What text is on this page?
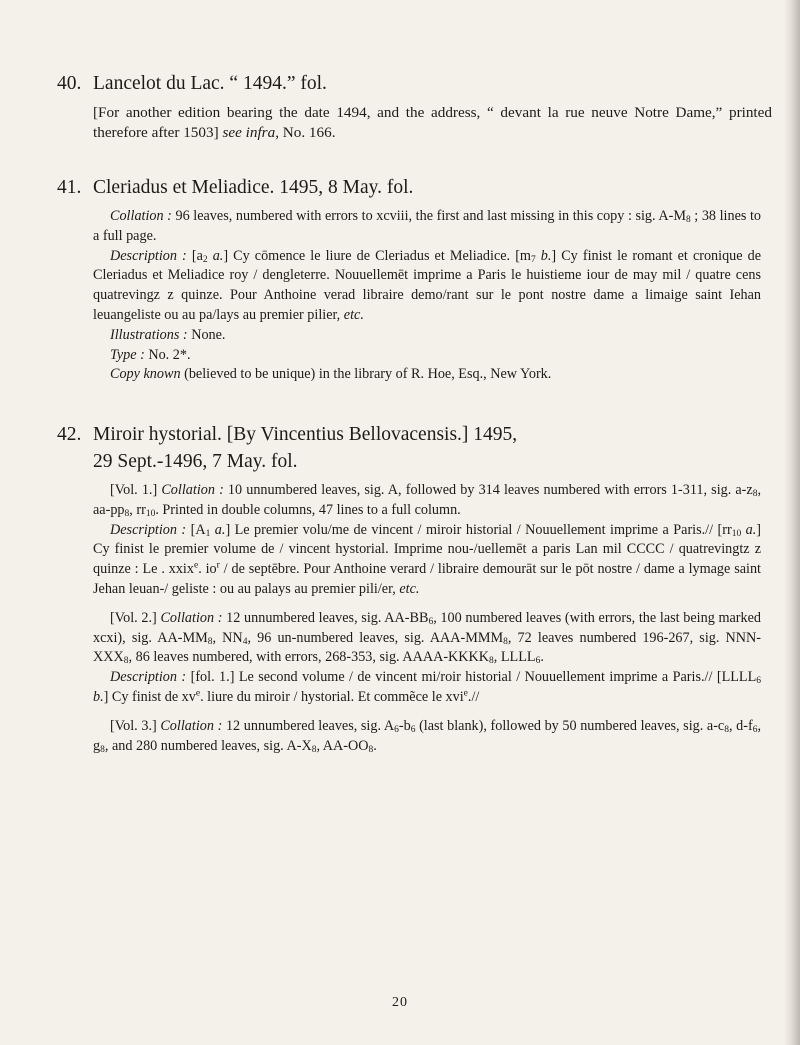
40. Lancelot du Lac. “ 1494.” fol.
[For another edition bearing the date 1494, and the address, “ devant la rue neuve Notre Dame,” printed therefore after 1503] see infra, No. 166.
41. Cleriadus et Meliadice. 1495, 8 May. fol.

Collation : 96 leaves, numbered with errors to xcviii, the first and last missing in this copy : sig. $A-M_8$ ; 38 lines to a full page.

Description : [$a_2$ a.] Cy cōmence le liure de Cleriadus et Meliadice. [$m_7$ b.] Cy finist le romant et cronique de Cleriadus et Meliadice roy / dengleterre. Nouuellemēt imprime a Paris le huistieme iour de may mil / quatre cens quatrevingz z quinze. Pour Anthoine verad libraire demo/rant sur le pont nostre dame a limaige saint Iehan leuangeliste ou au pa/lays au premier pilier, etc.

Illustrations : None.

Type : No. 2*.

Copy known (believed to be unique) in the library of R. Hoe, Esq., New York.

42. Miroir hystorial. [By Vincentius Bellovacensis.] 1495,
29 Sept.-1496, 7 May. fol.

[Vol. 1.] Collation : 10 unnumbered leaves, sig. A, followed by 314 leaves numbered with errors 1-311, sig. $a-z_8$, $aa-pp_8$, $rr_{10}$. Printed in double columns, 47 lines to a full column.

Description : [$A_1$ a.] Le premier volu/me de vincent / miroir historial / Nouuellement imprime a Paris.// [$rr_{10}$ a.] Cy finist le premier volume de / vincent hystorial. Imprime nou-/uellemēt a paris Lan mil CCCC / quatrevingtz z quinze : Le . xxix$^e$. $io^r$ / de septēbre. Pour Anthoine verard / libraire demourāt sur le pōt nostre / dame a lymage saint Jehan leuan-/ geliste : ou au palays au premier pili/er, etc.

[Vol. 2.] Collation : 12 unnumbered leaves, sig. $AA-BB_6$, 100 numbered leaves (with errors, the last being marked xcxi), sig. $AA-MM_8$, $NN_4$, 96 un-numbered leaves, sig. AAA-$MMM_8$, 72 leaves numbered 196-267, sig. NNN-$XXX_8$, 86 leaves numbered, with errors, 268-353, sig. AAAA-$KKKK_8$, $LLLL_6$.

Description : [fol. 1.] Le second volume / de vincent mi/roir historial / Nouuellement imprime a Paris.// [$LLLL_6$ b.] Cy finist de $xv^e$. liure du miroir / hystorial. Et commẽce le xvi$^e$.//

[Vol. 3.] Collation : 12 unnumbered leaves, sig. $A_6-b_6$ (last blank), followed by 50 numbered leaves, sig. $a-c_8$, $d-f_6$, $g_8$, and 280 numbered leaves, sig. $A-X_8$, $AA-OO_8$.

20
